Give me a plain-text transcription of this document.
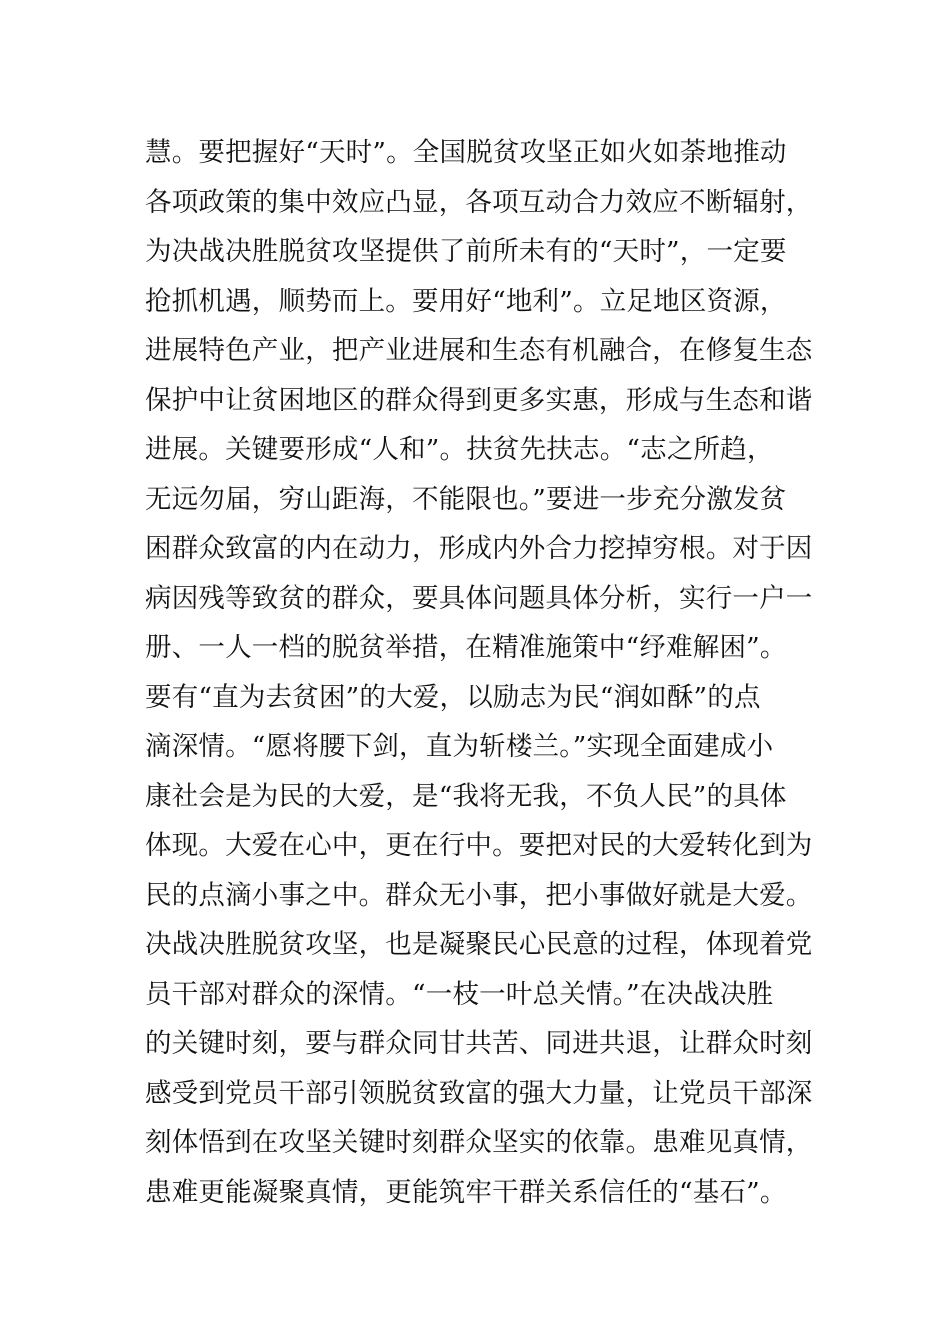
慧。要把握好“天时”。全国脱贫攻坚正如火如荼地推动
各项政策的集中效应凸显，各项互动合力效应不断辐射，
为决战决胜脱贫攻坚提供了前所未有的“天时”，一定要
抢抓机遇，顺势而上。要用好“地利”。立足地区资源，
进展特色产业，把产业进展和生态有机融合，在修复生态
保护中让贫困地区的群众得到更多实惠，形成与生态和谐
进展。关键要形成“人和”。扶贫先扶志。“志之所趋，
无远勿届，穷山距海，不能限也。”要进一步充分激发贫
困群众致富的内在动力，形成内外合力挖掉穷根。对于因
病因残等致贫的群众，要具体问题具体分析，实行一户一
册、一人一档的脱贫举措，在精准施策中“纾难解困”。
要有“直为去贫困”的大爱，以励志为民“润如酥”的点
滴深情。“愿将腰下剑，直为斩楼兰。”实现全面建成小
康社会是为民的大爱，是“我将无我，不负人民”的具体
体现。大爱在心中，更在行中。要把对民的大爱转化到为
民的点滴小事之中。群众无小事，把小事做好就是大爱。
决战决胜脱贫攻坚，也是凝聚民心民意的过程，体现着党
员干部对群众的深情。“一枝一叶总关情。”在决战决胜
的关键时刻，要与群众同甘共苦、同进共退，让群众时刻
感受到党员干部引领脱贫致富的强大力量，让党员干部深
刻体悟到在攻坚关键时刻群众坚实的依靠。患难见真情，
患难更能凝聚真情，更能筑牢干群关系信任的“基石”。
